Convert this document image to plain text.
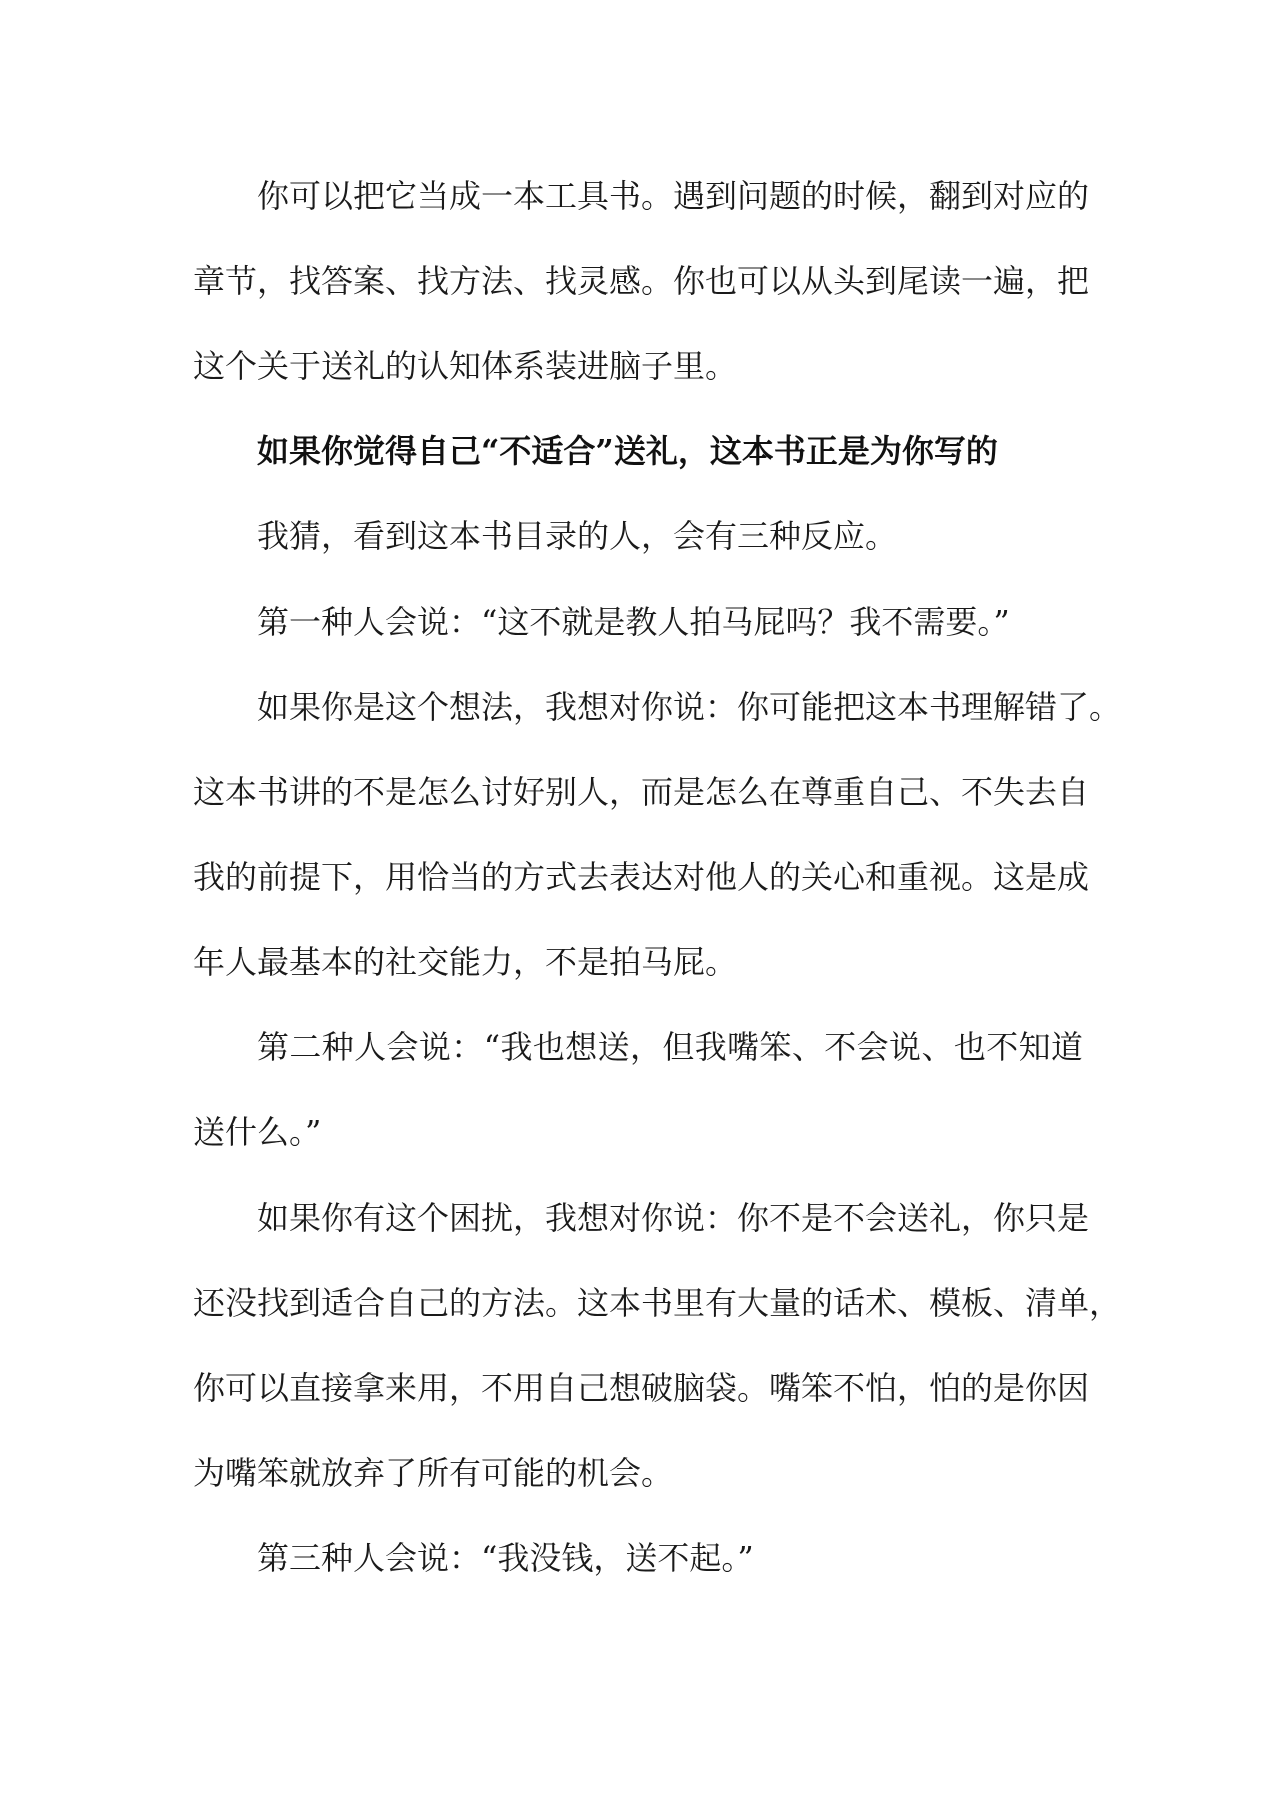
你可以把它当成一本工具书。遇到问题的时候，翻到对应的
章节，找答案、找方法、找灵感。你也可以从头到尾读一遍，把
这个关于送礼的认知体系装进脑子里。
如果你觉得自己“不适合”送礼，这本书正是为你写的
我猜，看到这本书目录的人，会有三种反应。
第一种人会说：“这不就是教人拍马屁吗？我不需要。”
如果你是这个想法，我想对你说：你可能把这本书理解错了。
这本书讲的不是怎么讨好别人，而是怎么在尊重自己、不失去自
我的前提下，用恰当的方式去表达对他人的关心和重视。这是成
年人最基本的社交能力，不是拍马屁。
第二种人会说：“我也想送，但我嘴笨、不会说、也不知道
送什么。”
如果你有这个困扰，我想对你说：你不是不会送礼，你只是
还没找到适合自己的方法。这本书里有大量的话术、模板、清单，
你可以直接拿来用，不用自己想破脑袋。嘴笨不怕，怕的是你因
为嘴笨就放弃了所有可能的机会。
第三种人会说：“我没钱，送不起。”
